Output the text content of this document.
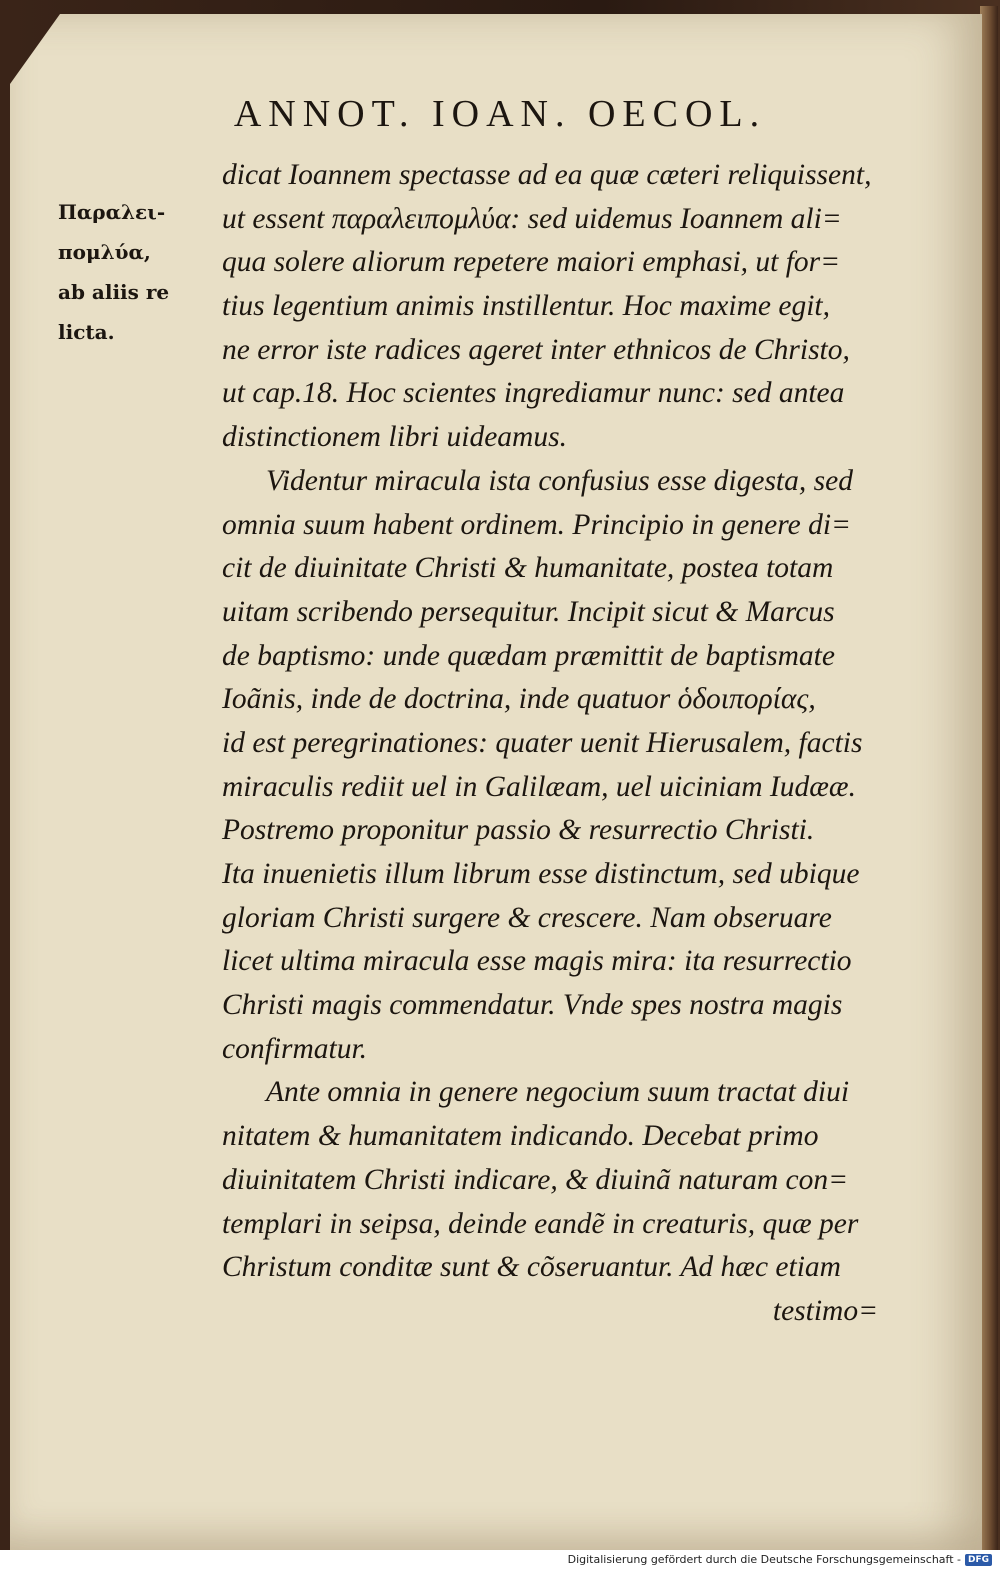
ANNOT. IOAN. OECOL.
Παραλει-
πομλύα,
ab aliis re
licta.
dicat Ioannem spectasse ad ea quæ cæteri reliquissent,
ut essent παραλειπομλύα: sed uidemus Ioannem ali=
qua solere aliorum repetere maiori emphasi, ut for=
tius legentium animis instillentur. Hoc maxime egit,
ne error iste radices ageret inter ethnicos de Christo,
ut cap.18. Hoc scientes ingrediamur nunc: sed antea
distinctionem libri uideamus.
Videntur miracula ista confusius esse digesta, sed
omnia suum habent ordinem. Principio in genere di=
cit de diuinitate Christi & humanitate, postea totam
uitam scribendo persequitur. Incipit sicut & Marcus
de baptismo: unde quædam præmittit de baptismate
Ioãnis, inde de doctrina, inde quatuor ὁδοιπορίας,
id est peregrinationes: quater uenit Hierusalem, factis
miraculis rediit uel in Galilæam, uel uiciniam Iudææ.
Postremo proponitur passio & resurrectio Christi.
Ita inuenietis illum librum esse distinctum, sed ubique
gloriam Christi surgere & crescere. Nam obseruare
licet ultima miracula esse magis mira: ita resurrectio
Christi magis commendatur. Vnde spes nostra magis
confirmatur.
Ante omnia in genere negocium suum tractat diui
nitatem & humanitatem indicando. Decebat primo
diuinitatem Christi indicare, & diuinã naturam con=
templari in seipsa, deinde eandẽ in creaturis, quæ per
Christum conditæ sunt & cõseruantur. Ad hæc etiam
testimo=
Digitalisierung gefördert durch die Deutsche Forschungsgemeinschaft - DFG
